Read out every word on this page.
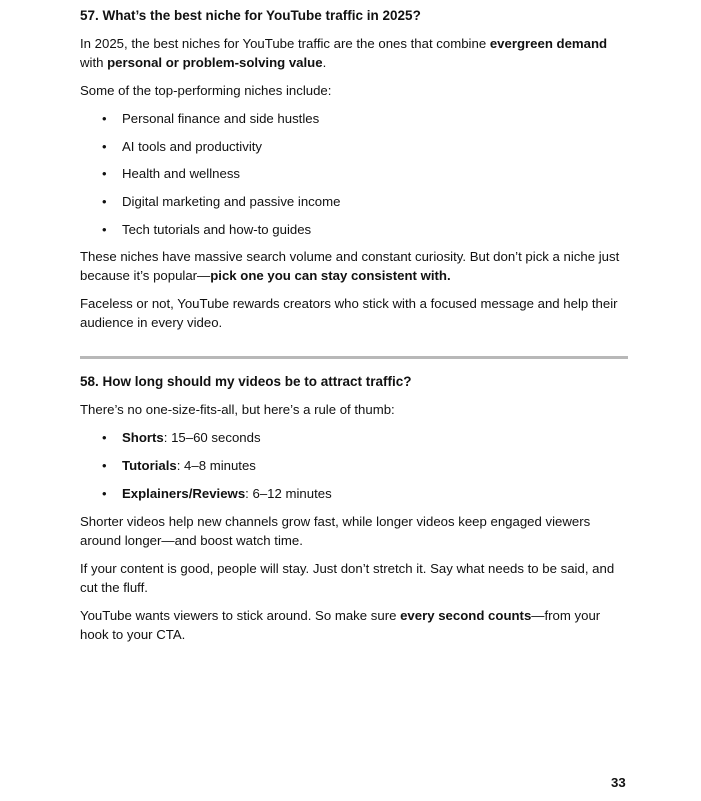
57. What’s the best niche for YouTube traffic in 2025?

In 2025, the best niches for YouTube traffic are the ones that combine evergreen demand with personal or problem-solving value.

Some of the top-performing niches include:

• Personal finance and side hustles
• AI tools and productivity
• Health and wellness
• Digital marketing and passive income
• Tech tutorials and how-to guides

These niches have massive search volume and constant curiosity. But don’t pick a niche just because it’s popular—pick one you can stay consistent with.

Faceless or not, YouTube rewards creators who stick with a focused message and help their audience in every video.

58. How long should my videos be to attract traffic?

There’s no one-size-fits-all, but here’s a rule of thumb:

• Shorts: 15–60 seconds
• Tutorials: 4–8 minutes
• Explainers/Reviews: 6–12 minutes

Shorter videos help new channels grow fast, while longer videos keep engaged viewers around longer—and boost watch time.

If your content is good, people will stay. Just don’t stretch it. Say what needs to be said, and cut the fluff.

YouTube wants viewers to stick around. So make sure every second counts—from your hook to your CTA.

33
